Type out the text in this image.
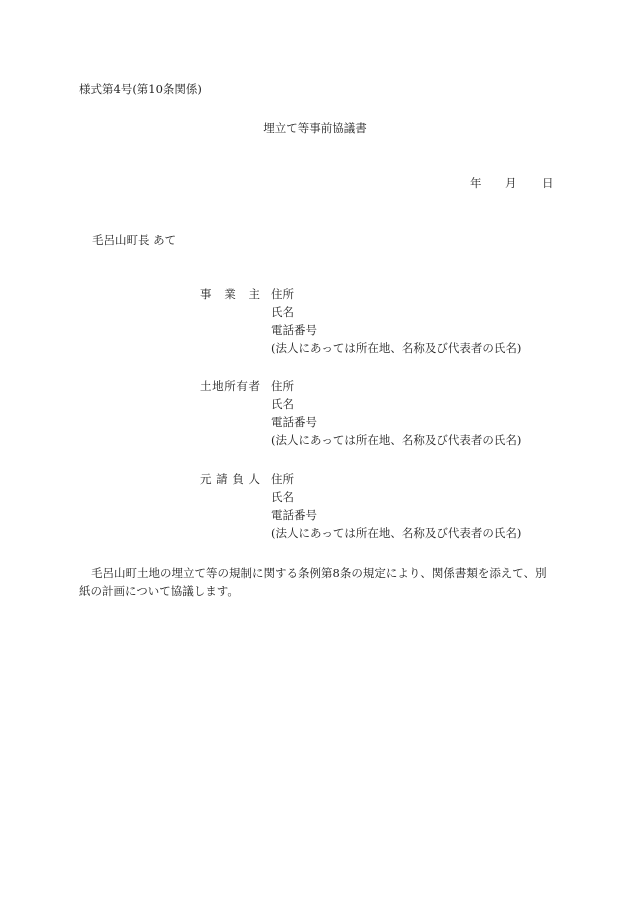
様式第4号(第10条関係)
埋立て等事前協議書
年 月 日
毛呂山町長 あて
事業主 住所
氏名
電話番号
(法人にあっては所在地、名称及び代表者の氏名)
土地所有者 住所
氏名
電話番号
(法人にあっては所在地、名称及び代表者の氏名)
元請負人 住所
氏名
電話番号
(法人にあっては所在地、名称及び代表者の氏名)
毛呂山町土地の埋立て等の規制に関する条例第8条の規定により、関係書類を添えて、別紙の計画について協議します。
